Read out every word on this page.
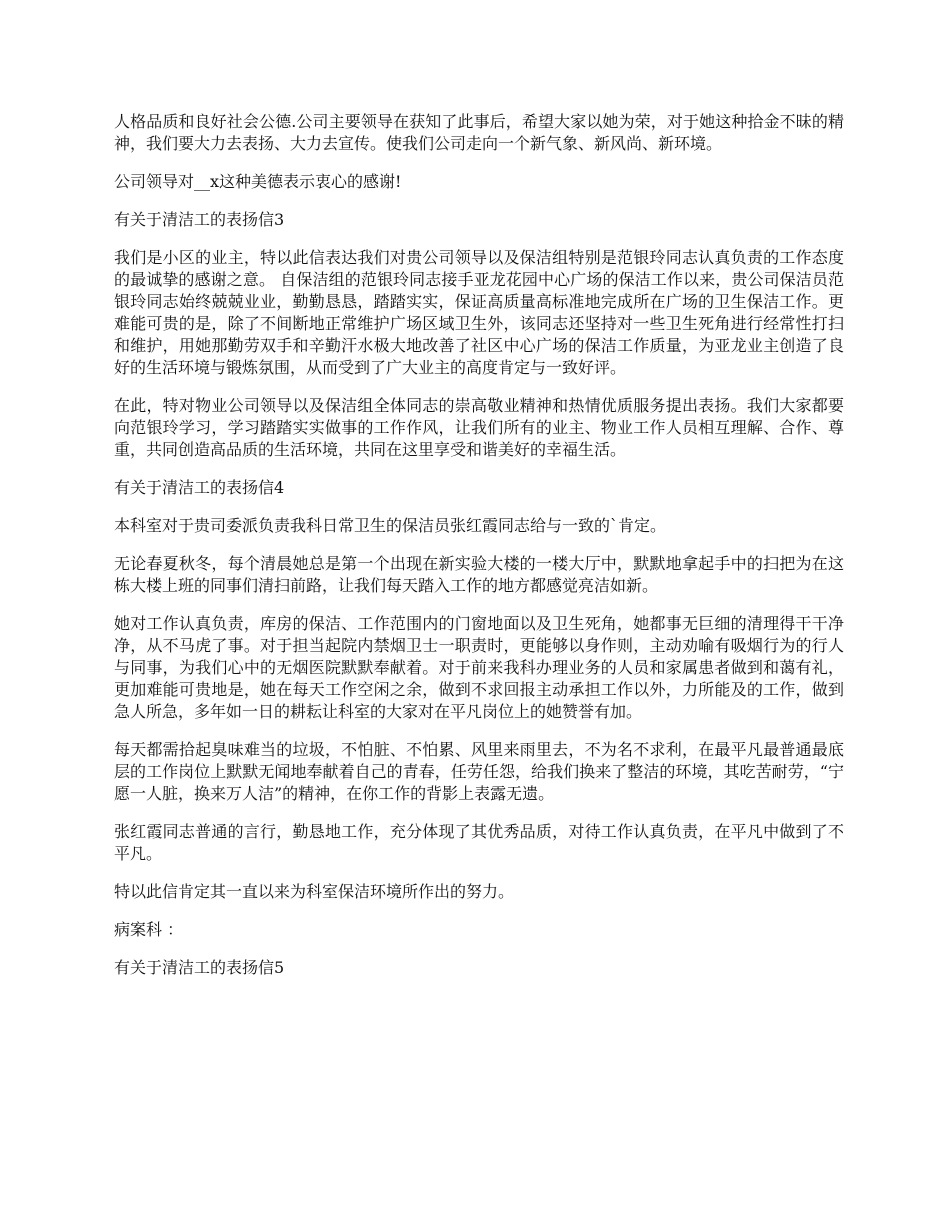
人格品质和良好社会公德.公司主要领导在获知了此事后，希望大家以她为荣，对于她这种拾金不昧的精神，我们要大力去表扬、大力去宣传。使我们公司走向一个新气象、新风尚、新环境。

公司领导对__x这种美德表示衷心的感谢!

有关于清洁工的表扬信3

我们是小区的业主，特以此信表达我们对贵公司领导以及保洁组特别是范银玲同志认真负责的工作态度的最诚挚的感谢之意。 自保洁组的范银玲同志接手亚龙花园中心广场的保洁工作以来，贵公司保洁员范银玲同志始终兢兢业业，勤勤恳恳，踏踏实实，保证高质量高标准地完成所在广场的卫生保洁工作。更难能可贵的是，除了不间断地正常维护广场区域卫生外，该同志还坚持对一些卫生死角进行经常性打扫和维护，用她那勤劳双手和辛勤汗水极大地改善了社区中心广场的保洁工作质量，为亚龙业主创造了良好的生活环境与锻炼氛围，从而受到了广大业主的高度肯定与一致好评。

在此，特对物业公司领导以及保洁组全体同志的崇高敬业精神和热情优质服务提出表扬。我们大家都要向范银玲学习，学习踏踏实实做事的工作作风，让我们所有的业主、物业工作人员相互理解、合作、尊重，共同创造高品质的生活环境，共同在这里享受和谐美好的幸福生活。

有关于清洁工的表扬信4

本科室对于贵司委派负责我科日常卫生的保洁员张红霞同志给与一致的`肯定。

无论春夏秋冬，每个清晨她总是第一个出现在新实验大楼的一楼大厅中，默默地拿起手中的扫把为在这栋大楼上班的同事们清扫前路，让我们每天踏入工作的地方都感觉亮洁如新。

她对工作认真负责，库房的保洁、工作范围内的门窗地面以及卫生死角，她都事无巨细的清理得干干净净，从不马虎了事。对于担当起院内禁烟卫士一职责时，更能够以身作则，主动劝喻有吸烟行为的行人与同事，为我们心中的无烟医院默默奉献着。对于前来我科办理业务的人员和家属患者做到和蔼有礼，更加难能可贵地是，她在每天工作空闲之余，做到不求回报主动承担工作以外，力所能及的工作，做到急人所急，多年如一日的耕耘让科室的大家对在平凡岗位上的她赞誉有加。

每天都需拾起臭味难当的垃圾，不怕脏、不怕累、风里来雨里去，不为名不求利，在最平凡最普通最底层的工作岗位上默默无闻地奉献着自己的青春，任劳任怨，给我们换来了整洁的环境，其吃苦耐劳，“宁愿一人脏，换来万人洁”的精神，在你工作的背影上表露无遗。

张红霞同志普通的言行，勤恳地工作，充分体现了其优秀品质，对待工作认真负责，在平凡中做到了不平凡。

特以此信肯定其一直以来为科室保洁环境所作出的努力。

病案科 ：

有关于清洁工的表扬信5
